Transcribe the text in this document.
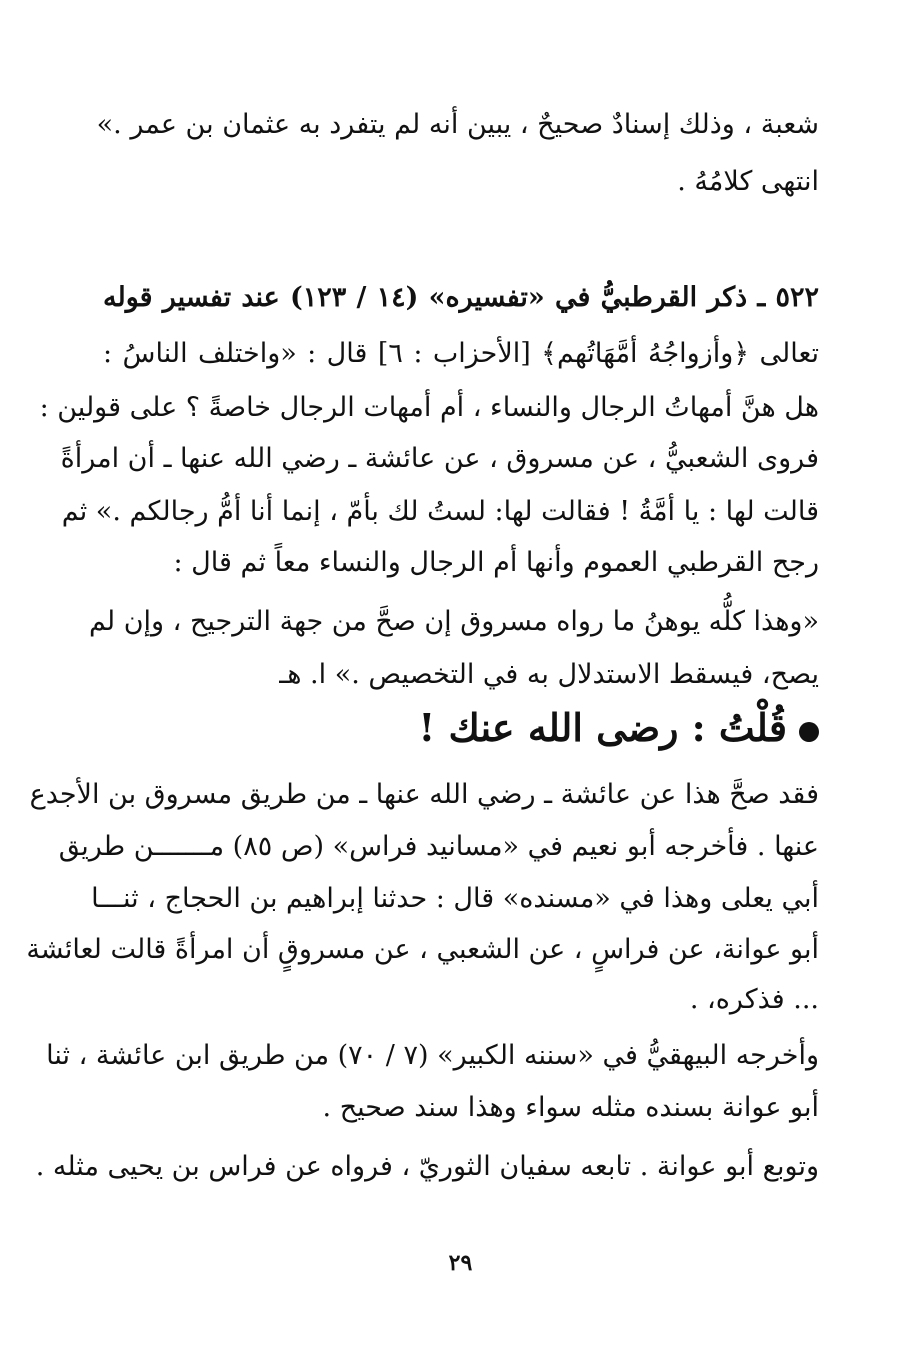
شعبة ، وذلك إسنادٌ صحيحٌ ، يبين أنه لم يتفرد به عثمان بن عمر .»
انتهى كلامُهُ .
٥٢٢ ـ ذكر القرطبيُّ في «تفسيره» (١٤ / ١٢٣) عند تفسير قوله
تعالى ﴿وأزواجُهُ أمَّهَاتُهم﴾ [الأحزاب : ٦] قال : «واختلف الناسُ :
هل هنَّ أمهاتُ الرجال والنساء ، أم أمهات الرجال خاصةً ؟ على قولين :
فروى الشعبيُّ ، عن مسروق ، عن عائشة ـ رضي الله عنها ـ أن امرأةً
قالت لها : يا أمَّةُ ! فقالت لها: لستُ لك بأمّ ، إنما أنا أمُّ رجالكم .» ثم
رجح القرطبي العموم وأنها أم الرجال والنساء معاً ثم قال :
«وهذا كلُّه يوهنُ ما رواه مسروق إن صحَّ من جهة الترجيح ، وإن لم
يصح، فيسقط الاستدلال به في التخصيص .» ا. هـ
قُلْتُ : رضى الله عنك !
فقد صحَّ هذا عن عائشة ـ رضي الله عنها ـ من طريق مسروق بن الأجدع
عنها . فأخرجه أبو نعيم في «مسانيد فراس» (ص ٨٥) مـــــــن طريق
أبي يعلى وهذا في «مسنده» قال : حدثنا إبراهيم بن الحجاج ، ثنـــا
أبو عوانة، عن فراسٍ ، عن الشعبي ، عن مسروقٍ أن امرأةً قالت لعائشة
... فذكره، .
وأخرجه البيهقيُّ في «سننه الكبير» (٧ / ٧٠) من طريق ابن عائشة ، ثنا
أبو عوانة بسنده مثله سواء وهذا سند صحيح .
وتوبع أبو عوانة . تابعه سفيان الثوريّ ، فرواه عن فراس بن يحيى مثله .
٢٩
